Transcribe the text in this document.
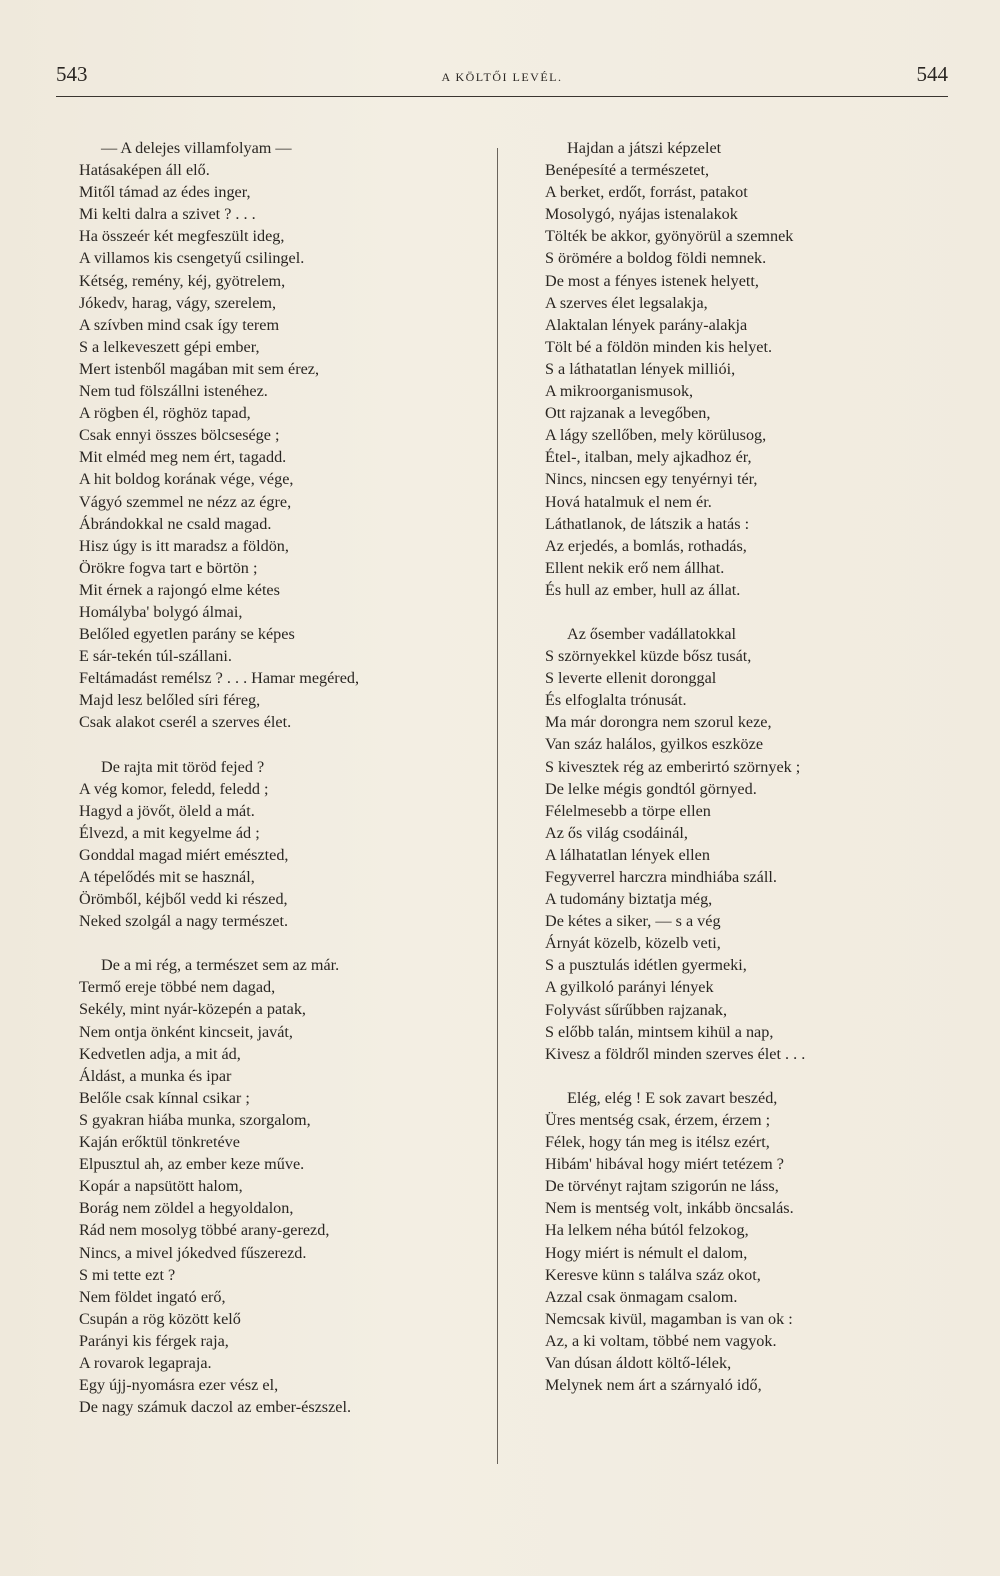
543	A KÖLTŐI LEVÉL.	544
— A delejes villamfolyam —
Hatásaképen áll elő.
Mitől támad az édes inger,
Mi kelti dalra a szivet ? . . .
Ha összeér két megfeszült ideg,
A villamos kis csengetyű csilingel.
Kétség, remény, kéj, gyötrelem,
Jókedv, harag, vágy, szerelem,
A szívben mind csak így terem
S a lelkeveszett gépi ember,
Mert istenből magában mit sem érez,
Nem tud fölszállni istenéhez.
A rögben él, röghöz tapad,
Csak ennyi összes bölcsesége ;
Mit elméd meg nem ért, tagadd.
A hit boldog korának vége, vége,
Vágyó szemmel ne nézz az égre,
Ábrándokkal ne csald magad.
Hisz úgy is itt maradsz a földön,
Örökre fogva tart e börtön ;
Mit érnek a rajongó elme kétes
Homályba' bolygó álmai,
Belőled egyetlen parány se képes
E sár-tekén túl-szállani.
Feltámadást remélsz ? . . . Hamar megéred,
Majd lesz belőled síri féreg,
Csak alakot cserél a szerves élet.
De rajta mit töröd fejed ?
A vég komor, feledd, feledd ;
Hagyd a jövőt, öleld a mát.
Élvezd, a mit kegyelme ád ;
Gonddal magad miért emészted,
A tépelődés mit se használ,
Örömből, kéjből vedd ki részed,
Neked szolgál a nagy természet.
De a mi rég, a természet sem az már.
Termő ereje többé nem dagad,
Sekély, mint nyár-közepén a patak,
Nem ontja önként kincseit, javát,
Kedvetlen adja, a mit ád,
Áldást, a munka és ipar
Belőle csak kínnal csikar ;
S gyakran hiába munka, szorgalom,
Kaján erőktül tönkretéve
Elpusztul ah, az ember keze műve.
Kopár a napsütött halom,
Borág nem zöldel a hegyoldalon,
Rád nem mosolyg többé arany-gerezd,
Nincs, a mivel jókedved fűszerezd.
S mi tette ezt ?
Nem földet ingató erő,
Csupán a rög között kelő
Parányi kis férgek raja,
A rovarok legapraja.
Egy újj-nyomásra ezer vész el,
De nagy számuk daczol az ember-észszel.
Hajdan a játszi képzelet
Benépesíté a természetet,
A berket, erdőt, forrást, patakot
Mosolygó, nyájas istenalakok
Tölték be akkor, gyönyörül a szemnek
S örömére a boldog földi nemnek.
De most a fényes istenek helyett,
A szerves élet legsalakja,
Alaktalan lények parány-alakja
Tölt bé a földön minden kis helyet.
S a láthatatlan lények milliói,
A mikroorganismusok,
Ott rajzanak a levegőben,
A lágy szellőben, mely körülusog,
Étel-, italban, mely ajkadhoz ér,
Nincs, nincsen egy tenyérnyi tér,
Hová hatalmuk el nem ér.
Láthatlanok, de látszik a hatás :
Az erjedés, a bomlás, rothadás,
Ellent nekik erő nem állhat.
És hull az ember, hull az állat.
Az ősember vadállatokkal
S szörnyekkel küzde bősz tusát,
S leverte ellenit doronggal
És elfoglalta trónusát.
Ma már dorongra nem szorul keze,
Van száz halálos, gyilkos eszköze
S kivesztek rég az emberirtó szörnyek ;
De lelke mégis gondtól görnyed.
Félelmesebb a törpe ellen
Az ős világ csodáinál,
A lálhatatlan lények ellen
Fegyverrel harczra mindhiába száll.
A tudomány biztatja még,
De kétes a siker, — s a vég
Árnyát közelb, közelb veti,
S a pusztulás idétlen gyermeki,
A gyilkoló parányi lények
Folyvást sűrűbben rajzanak,
S előbb talán, mintsem kihül a nap,
Kivesz a földről minden szerves élet . . .
Elég, elég ! E sok zavart beszéd,
Üres mentség csak, érzem, érzem ;
Félek, hogy tán meg is itélsz ezért,
Hibám' hibával hogy miért tetézem ?
De törvényt rajtam szigorún ne láss,
Nem is mentség volt, inkább öncsalás.
Ha lelkem néha bútól felzokog,
Hogy miért is némult el dalom,
Keresve künn s találva száz okot,
Azzal csak önmagam csalom.
Nemcsak kivül, magamban is van ok :
Az, a ki voltam, többé nem vagyok.
Van dúsan áldott költő-lélek,
Melynek nem árt a szárnyaló idő,
